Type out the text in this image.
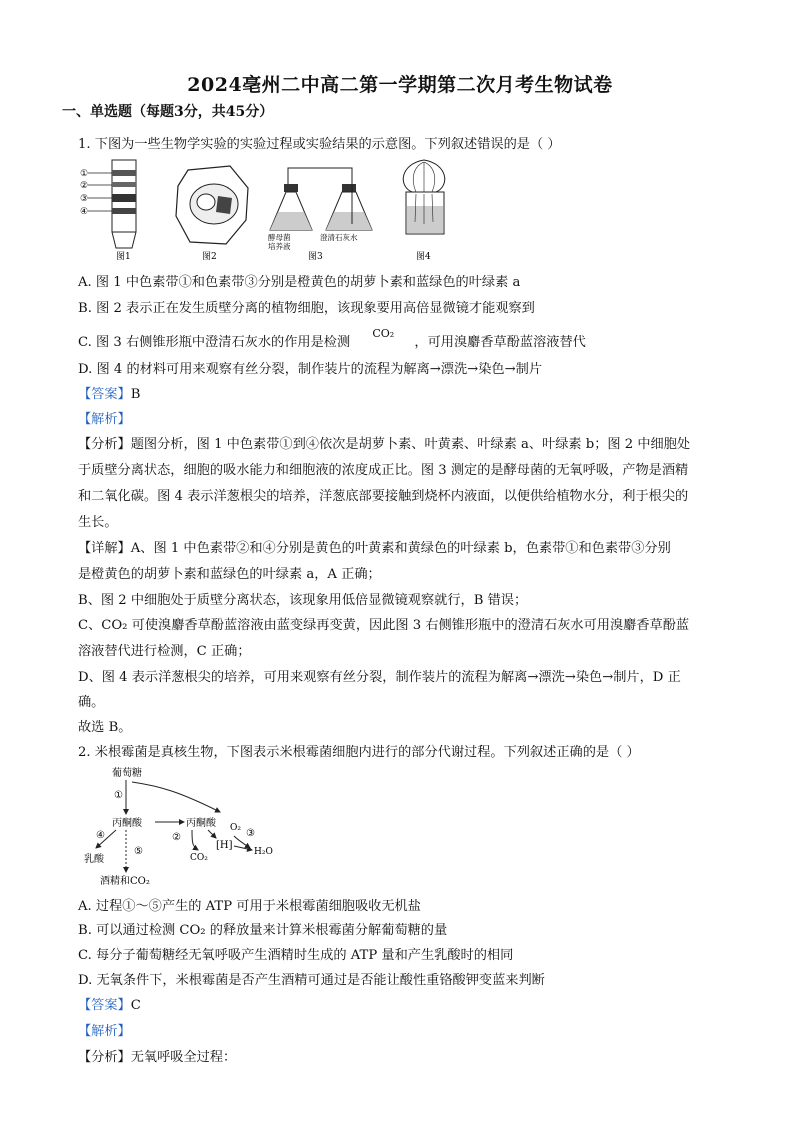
2024亳州二中高二第一学期第二次月考生物试卷
一、单选题（每题3分，共45分）
1. 下图为一些生物学实验的实验过程或实验结果的示意图。下列叙述错误的是（ ）
①
②
③
④
图1	图2
酵母菌
培养液
澄清石灰水
图3	图4
A. 图 1 中色素带①和色素带③分别是橙黄色的胡萝卜素和蓝绿色的叶绿素 a
B. 图 2 表示正在发生质壁分离的植物细胞，该现象要用高倍显微镜才能观察到
C. 图 3 右侧锥形瓶中澄清石灰水的作用是检测 $^{CO_2}$ ，可用溴麝香草酚蓝溶液替代
D. 图 4 的材料可用来观察有丝分裂，制作装片的流程为解离→漂洗→染色→制片
【答案】B
【解析】
【分析】题图分析，图 1 中色素带①到④依次是胡萝卜素、叶黄素、叶绿素 a、叶绿素 b；图 2 中细胞处
于质壁分离状态，细胞的吸水能力和细胞液的浓度成正比。图 3 测定的是酵母菌的无氧呼吸，产物是酒精
和二氧化碳。图 4 表示洋葱根尖的培养，洋葱底部要接触到烧杯内液面，以便供给植物水分，利于根尖的
生长。
【详解】A、图 1 中色素带②和④分别是黄色的叶黄素和黄绿色的叶绿素 b，色素带①和色素带③分别
是橙黄色的胡萝卜素和蓝绿色的叶绿素 a，A 正确；
B、图 2 中细胞处于质壁分离状态，该现象用低倍显微镜观察就行，B 错误；
C、CO₂ 可使溴麝香草酚蓝溶液由蓝变绿再变黄，因此图 3 右侧锥形瓶中的澄清石灰水可用溴麝香草酚蓝
溶液替代进行检测，C 正确；
D、图 4 表示洋葱根尖的培养，可用来观察有丝分裂，制作装片的流程为解离→漂洗→染色→制片，D 正
确。
故选 B。
2. 米根霉菌是真核生物，下图表示米根霉菌细胞内进行的部分代谢过程。下列叙述正确的是（ ）
葡萄糖
①
丙酮酸	丙酮酸
④
乳酸
⑤
酒精和CO₂
②
CO₂
[H]
O₂ ③
H₂O
A. 过程①～⑤产生的 ATP 可用于米根霉菌细胞吸收无机盐
B. 可以通过检测 CO₂ 的释放量来计算米根霉菌分解葡萄糖的量
C. 每分子葡萄糖经无氧呼吸产生酒精时生成的 ATP 量和产生乳酸时的相同
D. 无氧条件下，米根霉菌是否产生酒精可通过是否能让酸性重铬酸钾变蓝来判断
【答案】C
【解析】
【分析】无氧呼吸全过程：
